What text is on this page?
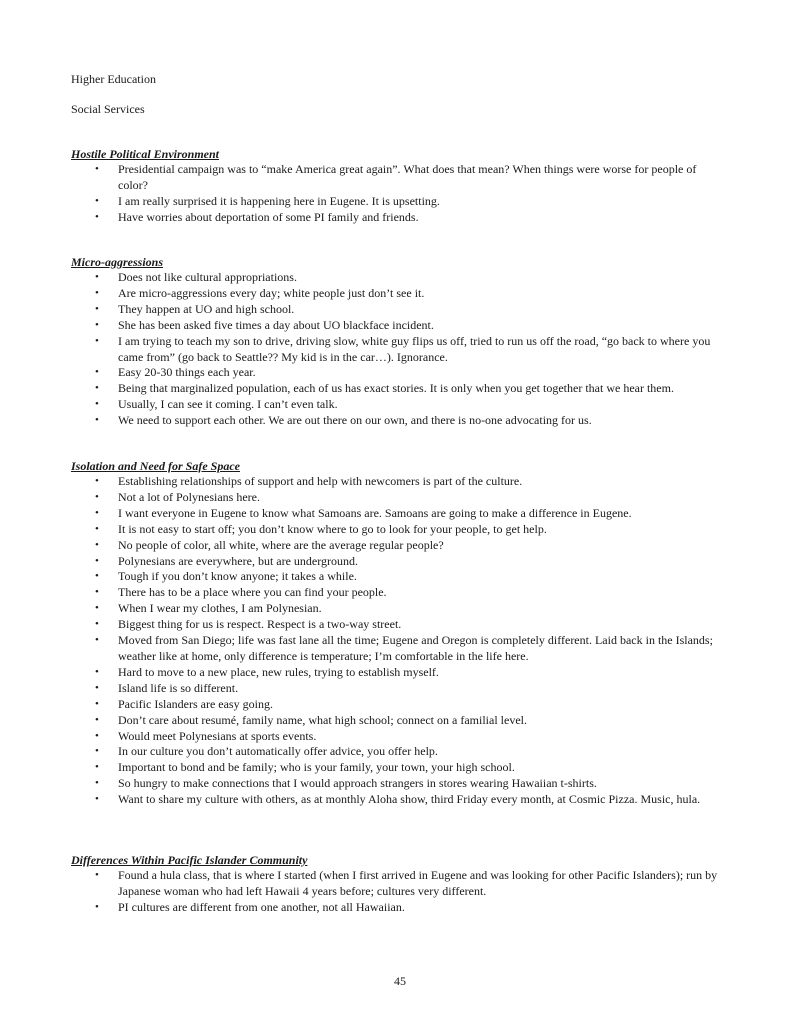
Higher Education

Social Services

Hostile Political Environment

• Presidential campaign was to “make America great again”. What does that mean? When things were worse for people of color?
• I am really surprised it is happening here in Eugene. It is upsetting.
• Have worries about deportation of some PI family and friends.

Micro-aggressions

• Does not like cultural appropriations.
• Are micro-aggressions every day; white people just don’t see it.
• They happen at UO and high school.
• She has been asked five times a day about UO blackface incident.
• I am trying to teach my son to drive, driving slow, white guy flips us off, tried to run us off the road, “go back to where you came from” (go back to Seattle?? My kid is in the car…). Ignorance.
• Easy 20-30 things each year.
• Being that marginalized population, each of us has exact stories. It is only when you get together that we hear them.
• Usually, I can see it coming. I can’t even talk.
• We need to support each other. We are out there on our own, and there is no-one advocating for us.

Isolation and Need for Safe Space

• Establishing relationships of support and help with newcomers is part of the culture.
• Not a lot of Polynesians here.
• I want everyone in Eugene to know what Samoans are. Samoans are going to make a difference in Eugene.
• It is not easy to start off; you don’t know where to go to look for your people, to get help.
• No people of color, all white, where are the average regular people?
• Polynesians are everywhere, but are underground.
• Tough if you don’t know anyone; it takes a while.
• There has to be a place where you can find your people.
• When I wear my clothes, I am Polynesian.
• Biggest thing for us is respect. Respect is a two-way street.
• Moved from San Diego; life was fast lane all the time; Eugene and Oregon is completely different. Laid back in the Islands; weather like at home, only difference is temperature; I’m comfortable in the life here.
• Hard to move to a new place, new rules, trying to establish myself.
• Island life is so different.
• Pacific Islanders are easy going.
• Don’t care about resumé, family name, what high school; connect on a familial level.
• Would meet Polynesians at sports events.
• In our culture you don’t automatically offer advice, you offer help.
• Important to bond and be family; who is your family, your town, your high school.
• So hungry to make connections that I would approach strangers in stores wearing Hawaiian t-shirts.
• Want to share my culture with others, as at monthly Aloha show, third Friday every month, at Cosmic Pizza. Music, hula.

Differences Within Pacific Islander Community

• Found a hula class, that is where I started (when I first arrived in Eugene and was looking for other Pacific Islanders); run by Japanese woman who had left Hawaii 4 years before; cultures very different.
• PI cultures are different from one another, not all Hawaiian.
45
